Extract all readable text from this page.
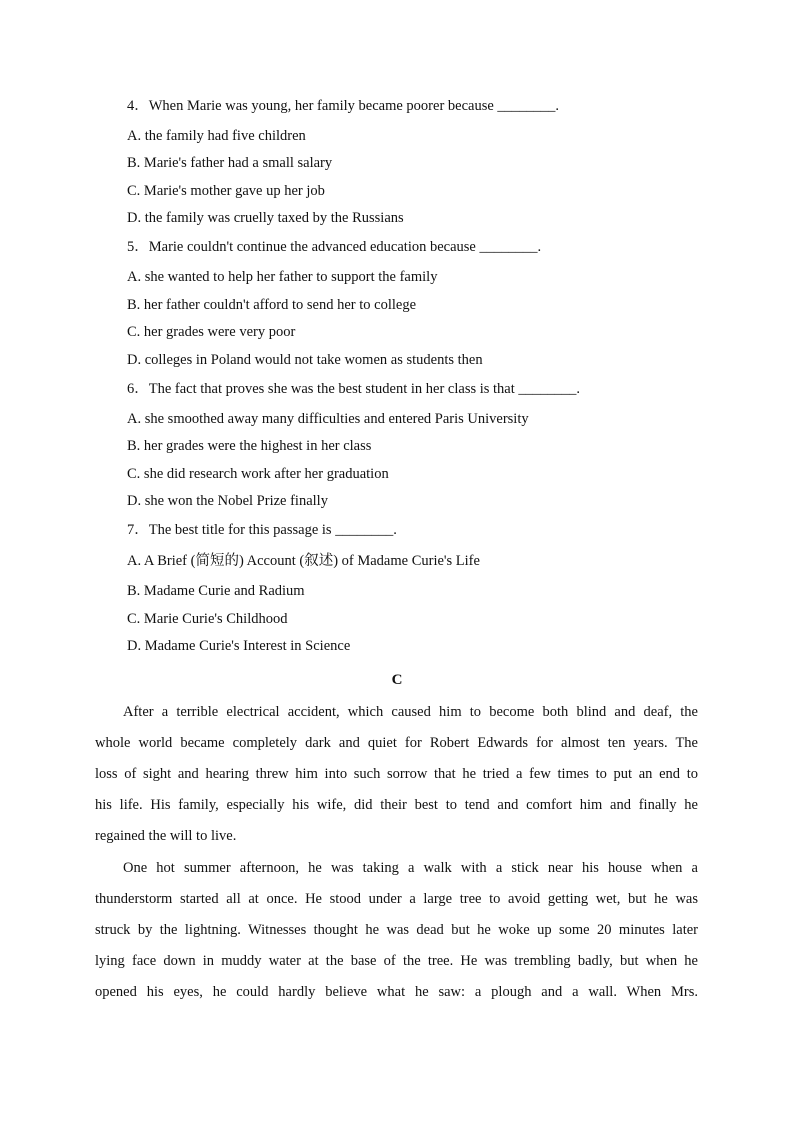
4．When Marie was young, her family became poorer because ________.
A. the family had five children
B. Marie's father had a small salary
C. Marie's mother gave up her job
D. the family was cruelly taxed by the Russians
5．Marie couldn't continue the advanced education because ________.
A. she wanted to help her father to support the family
B. her father couldn't afford to send her to college
C. her grades were very poor
D. colleges in Poland would not take women as students then
6．The fact that proves she was the best student in her class is that ________.
A. she smoothed away many difficulties and entered Paris University
B. her grades were the highest in her class
C. she did research work after her graduation
D. she won the Nobel Prize finally
7．The best title for this passage is ________.
A. A Brief (简短的) Account (叙述) of Madame Curie's Life
B. Madame Curie and Radium
C. Marie Curie's Childhood
D. Madame Curie's Interest in Science
C
After a terrible electrical accident, which caused him to become both blind and deaf, the
whole world became completely dark and quiet for Robert Edwards for almost ten years. The
loss of sight and hearing threw him into such sorrow that he tried a few times to put an end to
his life. His family, especially his wife, did their best to tend and comfort him and finally he
regained the will to live.
One hot summer afternoon, he was taking a walk with a stick near his house when a
thunderstorm started all at once. He stood under a large tree to avoid getting wet, but he was
struck by the lightning. Witnesses thought he was dead but he woke up some 20 minutes later
lying face down in muddy water at the base of the tree. He was trembling badly, but when he
opened his eyes, he could hardly believe what he saw: a plough and a wall. When Mrs.
